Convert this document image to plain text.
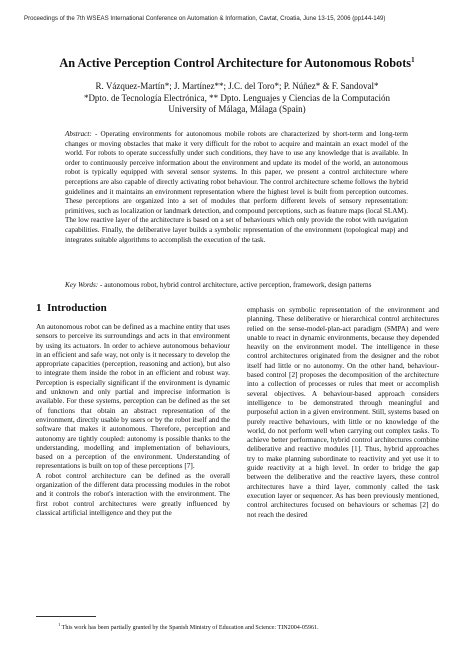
Proceedings of the 7th WSEAS International Conference on Automation & Information, Cavtat, Croatia, June 13-15, 2006 (pp144-149)
An Active Perception Control Architecture for Autonomous Robots$^1$
R. Vázquez-Martín*; J. Martínez**; J.C. del Toro*; P. Núñez* & F. Sandoval*
*Dpto. de Tecnología Electrónica, ** Dpto. Lenguajes y Ciencias de la Computación
University of Málaga, Málaga (Spain)

Abstract: - Operating environments for autonomous mobile robots are characterized by short-term and long-term changes or moving obstacles that make it very difficult for the robot to acquire and maintain an exact model of the world. For robots to operate successfully under such conditions, they have to use any knowledge that is available. In order to continuously perceive information about the environment and update its model of the world, an autonomous robot is typically equipped with several sensor systems. In this paper, we present a control architecture where perceptions are also capable of directly activating robot behaviour. The control architecture scheme follows the hybrid guidelines and it maintains an environment representation where the highest level is built from perception outcomes. These perceptions are organized into a set of modules that perform different levels of sensory representation: primitives, such as localization or landmark detection, and compound perceptions, such as feature maps (local SLAM). The low reactive layer of the architecture is based on a set of behaviours which only provide the robot with navigation capabilities. Finally, the deliberative layer builds a symbolic representation of the environment (topological map) and integrates suitable algorithms to accomplish the execution of the task.

Key Words: - autonomous robot, hybrid control architecture, active perception, framework, design patterns

1 Introduction

An autonomous robot can be defined as a machine entity that uses sensors to perceive its surroundings and acts in that environment by using its actuators. In order to achieve autonomous behaviour in an efficient and safe way, not only is it necessary to develop the appropriate capacities (perception, reasoning and action), but also to integrate them inside the robot in an efficient and robust way. Perception is especially significant if the environment is dynamic and unknown and only partial and imprecise information is available. For these systems, perception can be defined as the set of functions that obtain an abstract representation of the environment, directly usable by users or by the robot itself and the software that makes it autonomous. Therefore, perception and autonomy are tightly coupled: autonomy is possible thanks to the understanding, modelling and implementation of behaviours, based on a perception of the environment. Understanding of representations is built on top of these perceptions [7].

A robot control architecture can be defined as the overall organization of the different data processing modules in the robot and it controls the robot's interaction with the environment. The first robot control architectures were greatly influenced by classical artificial intelligence and they put the

emphasis on symbolic representation of the environment and planning. These deliberative or hierarchical control architectures relied on the sense-model-plan-act paradigm (SMPA) and were unable to react in dynamic environments, because they depended heavily on the environment model. The intelligence in these control architectures originated from the designer and the robot itself had little or no autonomy. On the other hand, behaviour-based control [2] proposes the decomposition of the architecture into a collection of processes or rules that meet or accomplish several objectives. A behaviour-based approach considers intelligence to be demonstrated through meaningful and purposeful action in a given environment. Still, systems based on purely reactive behaviours, with little or no knowledge of the world, do not perform well when carrying out complex tasks. To achieve better performance, hybrid control architectures combine deliberative and reactive modules [1]. Thus, hybrid approaches try to make planning subordinate to reactivity and yet use it to guide reactivity at a high level. In order to bridge the gap between the deliberative and the reactive layers, these control architectures have a third layer, commonly called the task execution layer or sequencer. As has been previously mentioned, control architectures focused on behaviours or schemas [2] do not reach the desired

$^1$ This work has been partially granted by the Spanish Ministry of Education and Science: TIN2004-05961.
